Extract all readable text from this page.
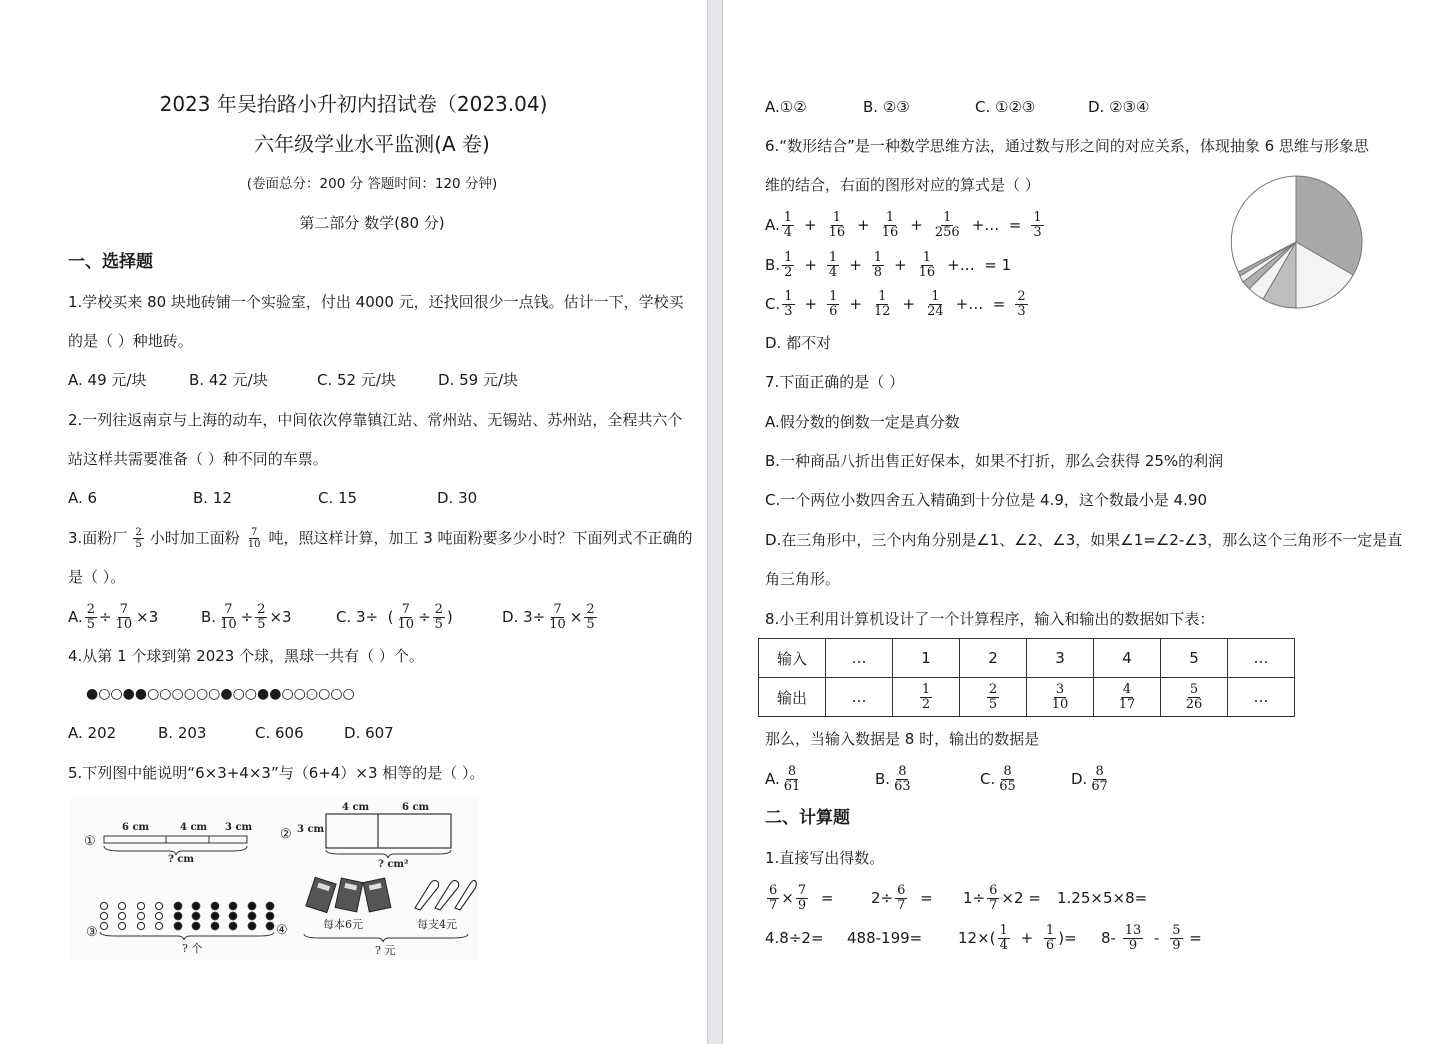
2023 年吴抬路小升初内招试卷（2023.04)
六年级学业水平监测(A 卷)
(卷面总分：200 分 答题时间：120 分钟)
第二部分 数学(80 分)
一、选择题
1.学校买来 80 块地砖铺一个实验室，付出 4000 元，还找回很少一点钱。估计一下，学校买
的是（ ）种地砖。
A. 49 元/块	B. 42 元/块	C. 52 元/块	D. 59 元/块
2.一列往返南京与上海的动车，中间依次停靠镇江站、常州站、无锡站、苏州站，全程共六个
站这样共需要准备（ ）种不同的车票。
A. 6	B. 12	C. 15	D. 30
3.面粉厂 $\frac{2}{5}$ 小时加工面粉 $\frac{7}{10}$ 吨，照这样计算，加工 3 吨面粉要多少小时？下面列式不正确的
是（ ）。
A. $\frac{2}{5} \div \frac{7}{10} \times 3$	B. $\frac{7}{10} \div \frac{2}{5} \times 3$	C. 3÷  ( $\frac{7}{10} \div \frac{2}{5}$ )	D. $3\div \frac{7}{10} \times \frac{2}{5}$
4.从第 1 个球到第 2023 个球，黑球一共有（ ）个。
●○○●●○○○○○○●○○●●○○○○○○
A. 202	B. 203	C. 606	D. 607
5.下列图中能说明“6×3+4×3”与（6+4）×3 相等的是（ ）。
①
6 cm	4 cm 3 cm
? cm
② 3 cm
4 cm	6 cm
? cm²
③
? 个
④	每本6元	每支4元
? 元
A.①②	B. ②③	C. ①②③	D. ②③④
6.“数形结合”是一种数学思维方法，通过数与形之间的对应关系，体现抽象 6 思维与形象思
维的结合，右面的图形对应的算式是（ ）
A. $\frac{1}{4} + \frac{1}{16} + \frac{1}{16} + \frac{1}{256}$ +…  = $\frac{1}{3}$
B. $\frac{1}{2} + \frac{1}{4} + \frac{1}{8} + \frac{1}{16}$ +…  = 1
C. $\frac{1}{3} + \frac{1}{6} + \frac{1}{12} + \frac{1}{24}$ +…  = $\frac{2}{3}$
D. 都不对
7.下面正确的是（ ）
A.假分数的倒数一定是真分数
B.一种商品八折出售正好保本，如果不打折，那么会获得 25%的利润
C.一个两位小数四舍五入精确到十分位是 4.9，这个数最小是 4.90
D.在三角形中，三个内角分别是∠1、∠2、∠3，如果∠1=∠2-∠3，那么这个三角形不一定是直
角三角形。
8.小王利用计算机设计了一个计算程序，输入和输出的数据如下表：
输入	…	1	2	3	4	5	…
输出	…	$\frac{1}{2}$	$\frac{2}{5}$	$\frac{3}{10}$	$\frac{4}{17}$	$\frac{5}{26}$	…
那么，当输入数据是 8 时，输出的数据是
A. $\frac{8}{61}$	B. $\frac{8}{63}$	C. $\frac{8}{65}$	D. $\frac{8}{67}$
二、计算题
1.直接写出得数。
$\frac{6}{7} \times \frac{7}{9}$ =	$2\div \frac{6}{7} = 1\div \frac{6}{7} \times 2 = 1.25\times 5\times 8=$
$4.8\div 2= 488-199= 12\times( \frac{1}{4} + \frac{1}{6}$ )= $8- \frac{13}{9} - \frac{5}{9}$ =
